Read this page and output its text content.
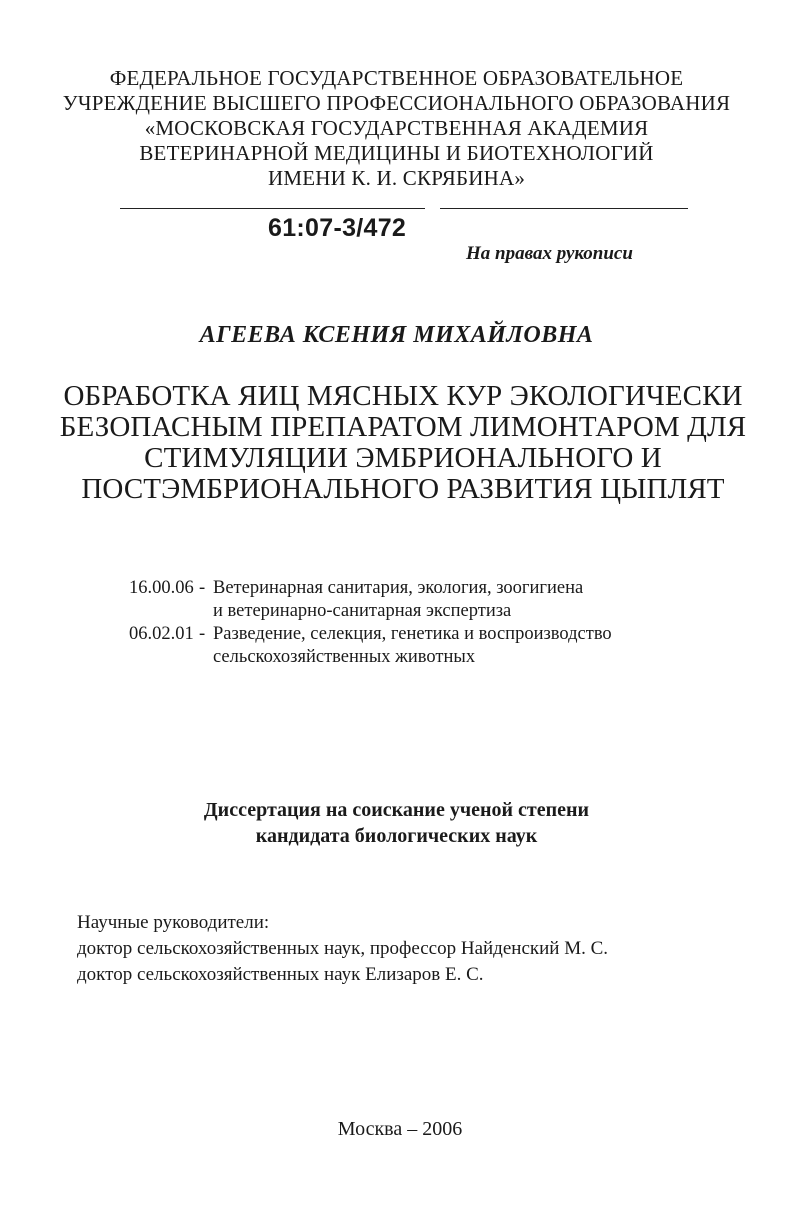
ФЕДЕРАЛЬНОЕ ГОСУДАРСТВЕННОЕ ОБРАЗОВАТЕЛЬНОЕ
УЧРЕЖДЕНИЕ ВЫСШЕГО ПРОФЕССИОНАЛЬНОГО ОБРАЗОВАНИЯ
«МОСКОВСКАЯ ГОСУДАРСТВЕННАЯ АКАДЕМИЯ
ВЕТЕРИНАРНОЙ МЕДИЦИНЫ И БИОТЕХНОЛОГИЙ
ИМЕНИ К. И. СКРЯБИНА»
61:07-3/472
На правах рукописи
АГЕЕВА КСЕНИЯ МИХАЙЛОВНА
ОБРАБОТКА ЯИЦ МЯСНЫХ КУР ЭКОЛОГИЧЕСКИ
БЕЗОПАСНЫМ ПРЕПАРАТОМ ЛИМОНТАРОМ ДЛЯ
СТИМУЛЯЦИИ ЭМБРИОНАЛЬНОГО И
ПОСТЭМБРИОНАЛЬНОГО РАЗВИТИЯ ЦЫПЛЯТ
16.00.06 - Ветеринарная санитария, экология, зоогигиена
и ветеринарно-санитарная экспертиза
06.02.01 - Разведение, селекция, генетика и воспроизводство
сельскохозяйственных животных
Диссертация на соискание ученой степени
кандидата биологических наук
Научные руководители:
доктор сельскохозяйственных наук, профессор Найденский М. С.
доктор сельскохозяйственных наук Елизаров Е. С.
Москва – 2006
